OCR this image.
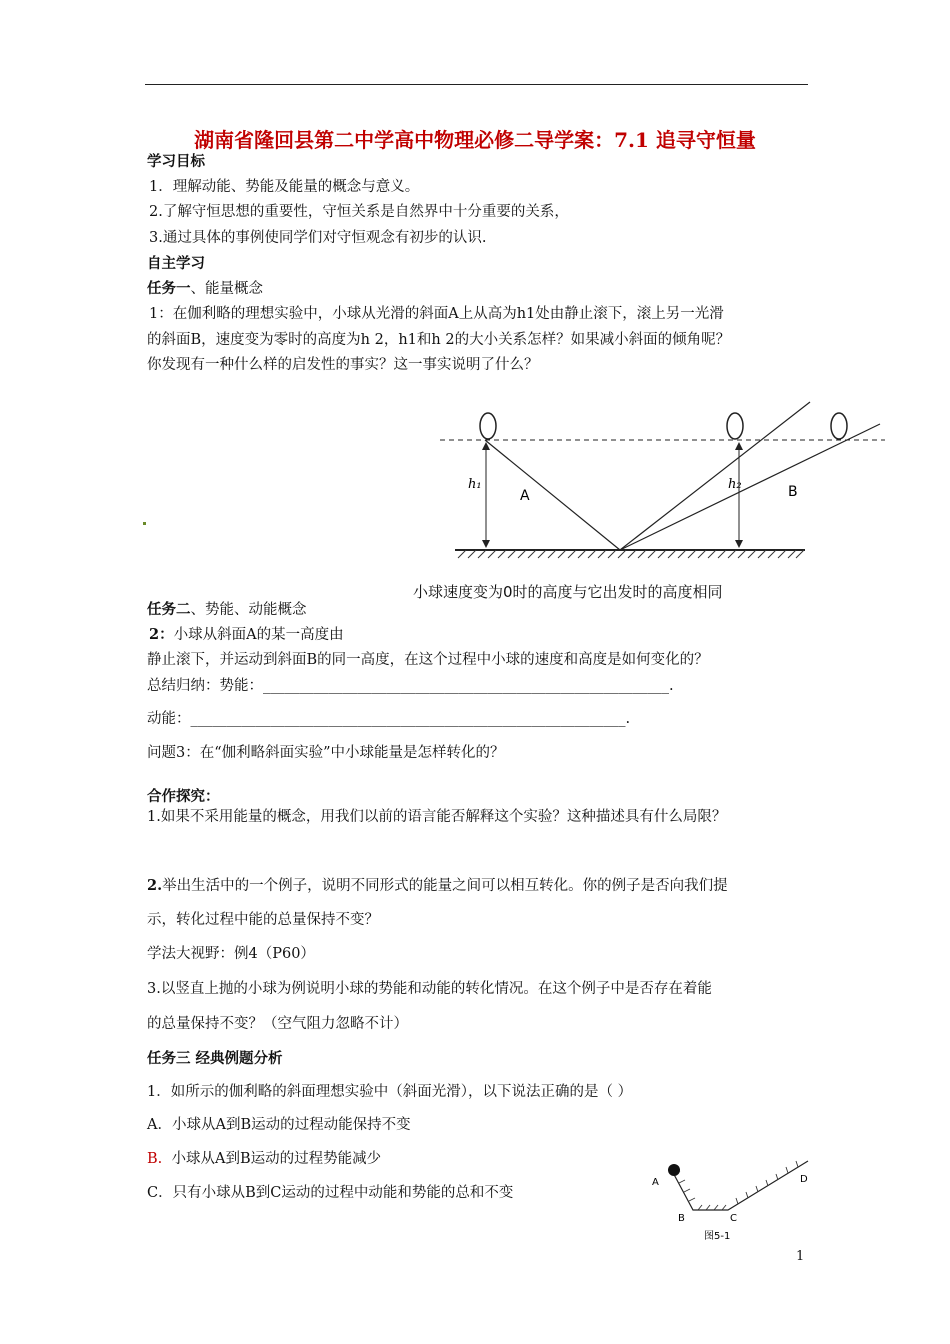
湖南省隆回县第二中学高中物理必修二导学案：7.1 追寻守恒量
学习目标
1．理解动能、势能及能量的概念与意义。
2.了解守恒思想的重要性，守恒关系是自然界中十分重要的关系，
3.通过具体的事例使同学们对守恒观念有初步的认识.
自主学习
任务一、能量概念
1：在伽利略的理想实验中，小球从光滑的斜面A上从高为h1处由静止滚下，滚上另一光滑
的斜面B，速度变为零时的高度为h 2，h1和h 2的大小关系怎样？如果减小斜面的倾角呢？
你发现有一种什么样的启发性的事实？这一事实说明了什么？
h₁	h₂
A	B
小球速度变为0时的高度与它出发时的高度相同
任务二、势能、动能概念
2：小球从斜面A的某一高度由
静止滚下，并运动到斜面B的同一高度，在这个过程中小球的速度和高度是如何变化的？
总结归纳：势能：________________________________________________________.
动能：____________________________________________________________.
问题3：在“伽利略斜面实验”中小球能量是怎样转化的？
合作探究：
1.如果不采用能量的概念，用我们以前的语言能否解释这个实验？这种描述具有什么局限？
2.举出生活中的一个例子，说明不同形式的能量之间可以相互转化。你的例子是否向我们提
示，转化过程中能的总量保持不变？
学法大视野：例4（P60）
3.以竖直上抛的小球为例说明小球的势能和动能的转化情况。在这个例子中是否存在着能
的总量保持不变？（空气阻力忽略不计）
任务三 经典例题分析
1．如所示的伽利略的斜面理想实验中（斜面光滑），以下说法正确的是（ ）
A．小球从A到B运动的过程动能保持不变
B. 小球从A到B运动的过程势能减少
C．只有小球从B到C运动的过程中动能和势能的总和不变
A
B	C
D
图5-1
1
